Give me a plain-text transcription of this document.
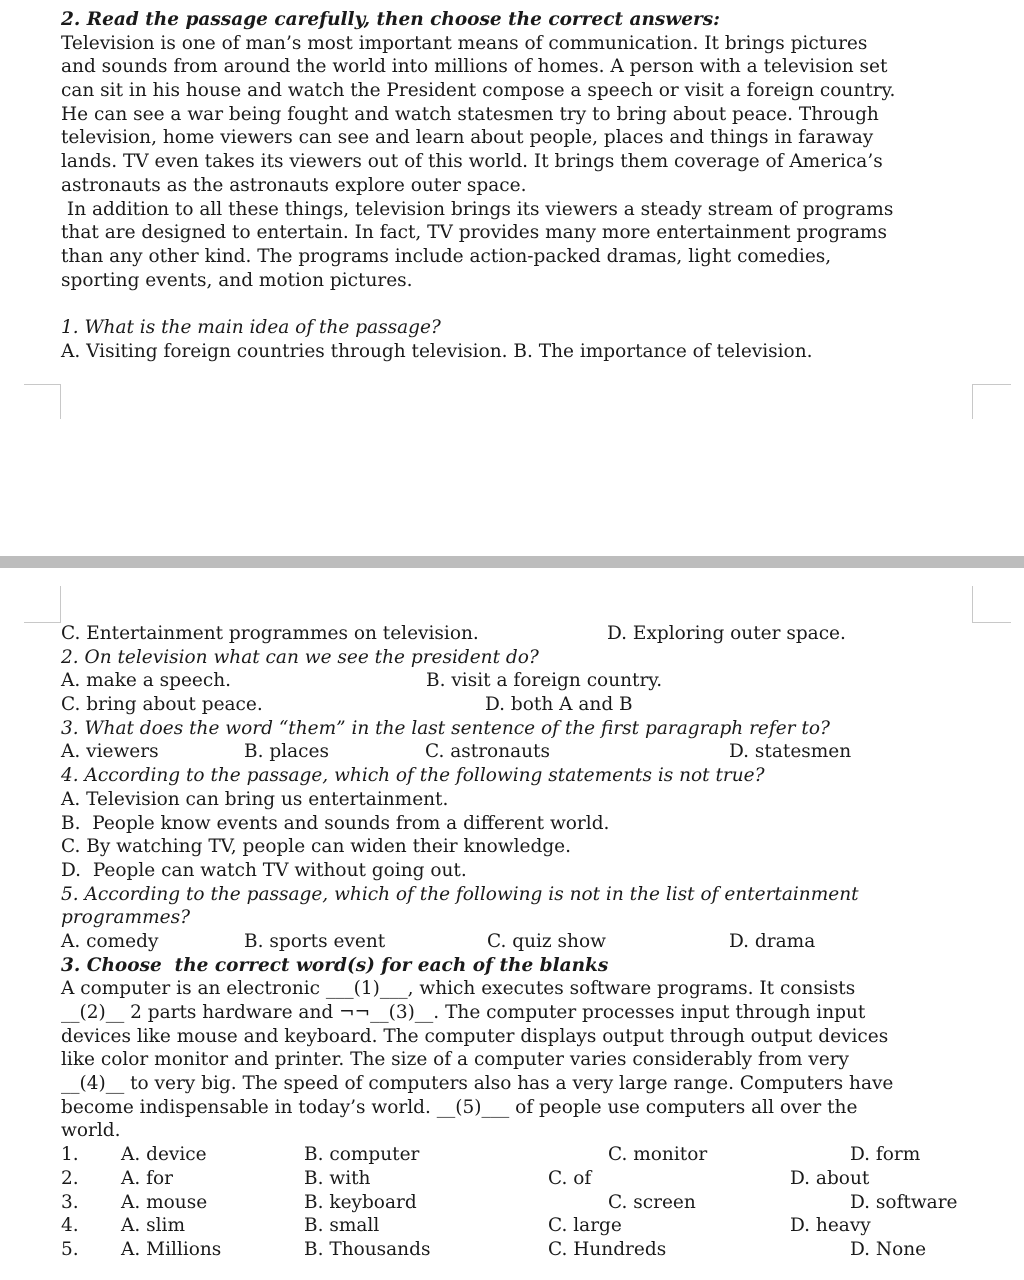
2. Read the passage carefully, then choose the correct answers:
Television is one of man’s most important means of communication. It brings pictures
and sounds from around the world into millions of homes. A person with a television set
can sit in his house and watch the President compose a speech or visit a foreign country.
He can see a war being fought and watch statesmen try to bring about peace. Through
television, home viewers can see and learn about people, places and things in faraway
lands. TV even takes its viewers out of this world. It brings them coverage of America’s
astronauts as the astronauts explore outer space.
In addition to all these things, television brings its viewers a steady stream of programs
that are designed to entertain. In fact, TV provides many more entertainment programs
than any other kind. The programs include action-packed dramas, light comedies,
sporting events, and motion pictures.
1. What is the main idea of the passage?
A. Visiting foreign countries through television. B. The importance of television.
C. Entertainment programmes on television.	D. Exploring outer space.
2. On television what can we see the president do?
A. make a speech.	B. visit a foreign country.
C. bring about peace.	D. both A and B
3. What does the word “them” in the last sentence of the first paragraph refer to?
A. viewers	B. places	C. astronauts	D. statesmen
4. According to the passage, which of the following statements is not true?
A. Television can bring us entertainment.
B.  People know events and sounds from a different world.
C. By watching TV, people can widen their knowledge.
D.  People can watch TV without going out.
5. According to the passage, which of the following is not in the list of entertainment
programmes?
A. comedy	B. sports event	C. quiz show	D. drama
3. Choose  the correct word(s) for each of the blanks
A computer is an electronic ___(1)___, which executes software programs. It consists
__(2)__ 2 parts hardware and ¬¬__(3)__. The computer processes input through input
devices like mouse and keyboard. The computer displays output through output devices
like color monitor and printer. The size of a computer varies considerably from very
__(4)__ to very big. The speed of computers also has a very large range. Computers have
become indispensable in today’s world. __(5)___ of people use computers all over the
world.
1. A. device	B. computer	C. monitor	D. form
2. A. for	B. with	C. of	D. about
3. A. mouse	B. keyboard	C. screen	D. software
4. A. slim	B. small	C. large	D. heavy
5. A. Millions	B. Thousands	C. Hundreds	D. None
